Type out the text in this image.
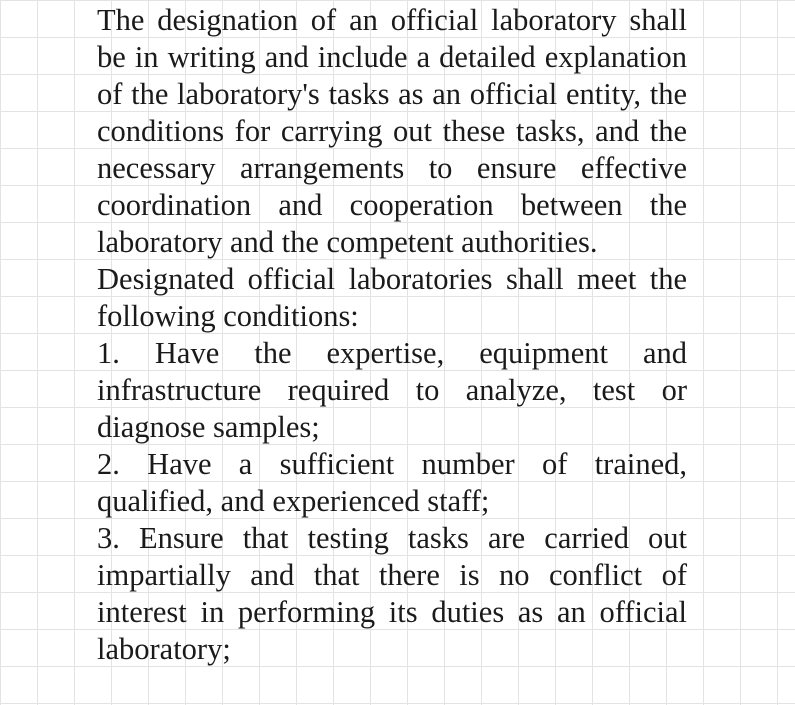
The designation of an official laboratory shall be in writing and include a detailed explanation of the laboratory's tasks as an official entity, the conditions for carrying out these tasks, and the necessary arrangements to ensure effective coordination and cooperation between the laboratory and the competent authorities.

Designated official laboratories shall meet the following conditions:

1. Have the expertise, equipment and infrastructure required to analyze, test or diagnose samples;

2. Have a sufficient number of trained, qualified, and experienced staff;

3. Ensure that testing tasks are carried out impartially and that there is no conflict of interest in performing its duties as an official laboratory;
